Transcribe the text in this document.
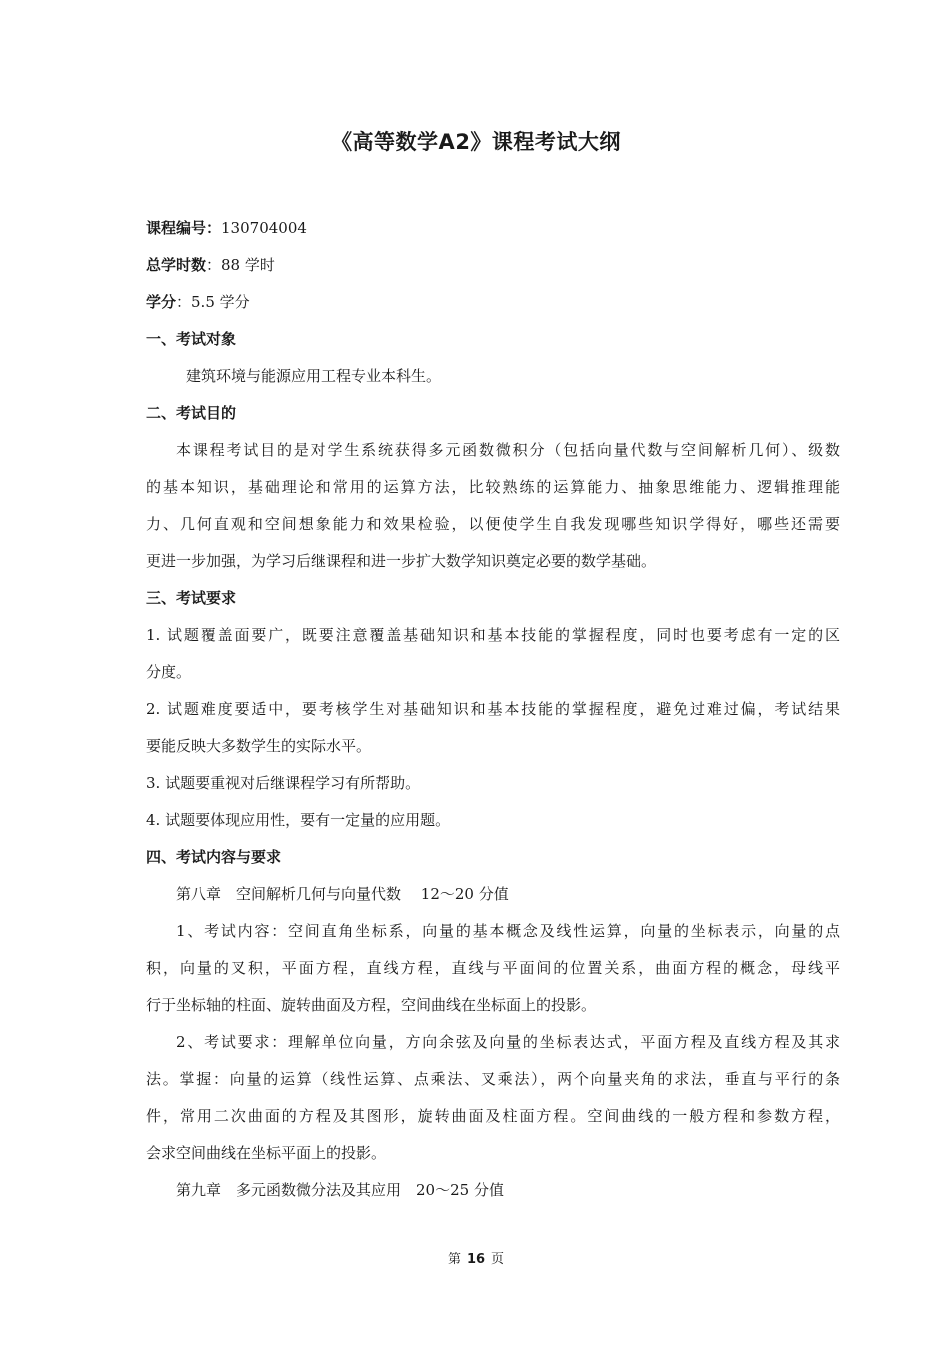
《高等数学A2》课程考试大纲

课程编号：130704004

总学时数：88 学时

学分：5.5 学分

一、考试对象

建筑环境与能源应用工程专业本科生。

二、考试目的

本课程考试目的是对学生系统获得多元函数微积分（包括向量代数与空间解析几何）、级数

的基本知识，基础理论和常用的运算方法，比较熟练的运算能力、抽象思维能力、逻辑推理能

力、几何直观和空间想象能力和效果检验，以便使学生自我发现哪些知识学得好，哪些还需要

更进一步加强，为学习后继课程和进一步扩大数学知识奠定必要的数学基础。

三、考试要求

1. 试题覆盖面要广，既要注意覆盖基础知识和基本技能的掌握程度，同时也要考虑有一定的区

分度。

2. 试题难度要适中，要考核学生对基础知识和基本技能的掌握程度，避免过难过偏，考试结果

要能反映大多数学生的实际水平。

3. 试题要重视对后继课程学习有所帮助。

4. 试题要体现应用性，要有一定量的应用题。

四、考试内容与要求

第八章　空间解析几何与向量代数　 12～20 分值

1、考试内容：空间直角坐标系，向量的基本概念及线性运算，向量的坐标表示，向量的点

积，向量的叉积，平面方程，直线方程，直线与平面间的位置关系，曲面方程的概念，母线平

行于坐标轴的柱面、旋转曲面及方程，空间曲线在坐标面上的投影。

2、考试要求：理解单位向量，方向余弦及向量的坐标表达式，平面方程及直线方程及其求

法。掌握：向量的运算（线性运算、点乘法、叉乘法），两个向量夹角的求法，垂直与平行的条

件，常用二次曲面的方程及其图形，旋转曲面及柱面方程。空间曲线的一般方程和参数方程，

会求空间曲线在坐标平面上的投影。

第九章　多元函数微分法及其应用　20～25 分值

第 16 页
